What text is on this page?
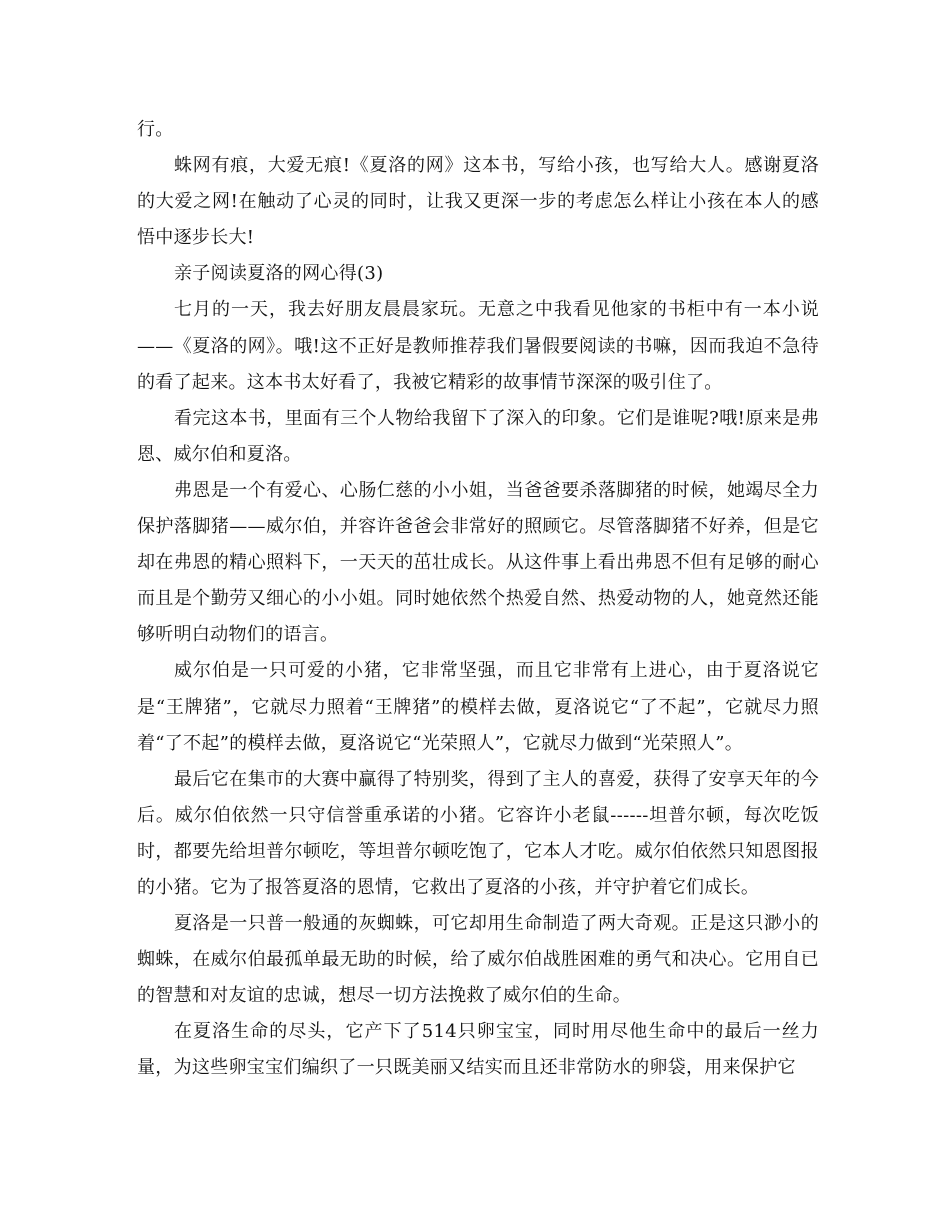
行。

蛛网有痕，大爱无痕!《夏洛的网》这本书，写给小孩，也写给大人。感谢夏洛的大爱之网!在触动了心灵的同时，让我又更深一步的考虑怎么样让小孩在本人的感悟中逐步长大!

亲子阅读夏洛的网心得(3)

七月的一天，我去好朋友晨晨家玩。无意之中我看见他家的书柜中有一本小说——《夏洛的网》。哦!这不正好是教师推荐我们暑假要阅读的书嘛，因而我迫不急待的看了起来。这本书太好看了，我被它精彩的故事情节深深的吸引住了。

看完这本书，里面有三个人物给我留下了深入的印象。它们是谁呢?哦!原来是弗恩、威尔伯和夏洛。

弗恩是一个有爱心、心肠仁慈的小小姐，当爸爸要杀落脚猪的时候，她竭尽全力保护落脚猪——威尔伯，并容许爸爸会非常好的照顾它。尽管落脚猪不好养，但是它却在弗恩的精心照料下，一天天的茁壮成长。从这件事上看出弗恩不但有足够的耐心而且是个勤劳又细心的小小姐。同时她依然个热爱自然、热爱动物的人，她竟然还能够听明白动物们的语言。

威尔伯是一只可爱的小猪，它非常坚强，而且它非常有上进心，由于夏洛说它是“王牌猪”，它就尽力照着“王牌猪”的模样去做，夏洛说它“了不起”，它就尽力照着“了不起”的模样去做，夏洛说它“光荣照人”，它就尽力做到“光荣照人”。

最后它在集市的大赛中赢得了特别奖，得到了主人的喜爱，获得了安享天年的今后。威尔伯依然一只守信誉重承诺的小猪。它容许小老鼠------坦普尔顿，每次吃饭时，都要先给坦普尔顿吃，等坦普尔顿吃饱了，它本人才吃。威尔伯依然只知恩图报的小猪。它为了报答夏洛的恩情，它救出了夏洛的小孩，并守护着它们成长。

夏洛是一只普一般通的灰蜘蛛，可它却用生命制造了两大奇观。正是这只渺小的蜘蛛，在威尔伯最孤单最无助的时候，给了威尔伯战胜困难的勇气和决心。它用自已的智慧和对友谊的忠诚，想尽一切方法挽救了威尔伯的生命。

在夏洛生命的尽头，它产下了514只卵宝宝，同时用尽他生命中的最后一丝力量，为这些卵宝宝们编织了一只既美丽又结实而且还非常防水的卵袋，用来保护它
